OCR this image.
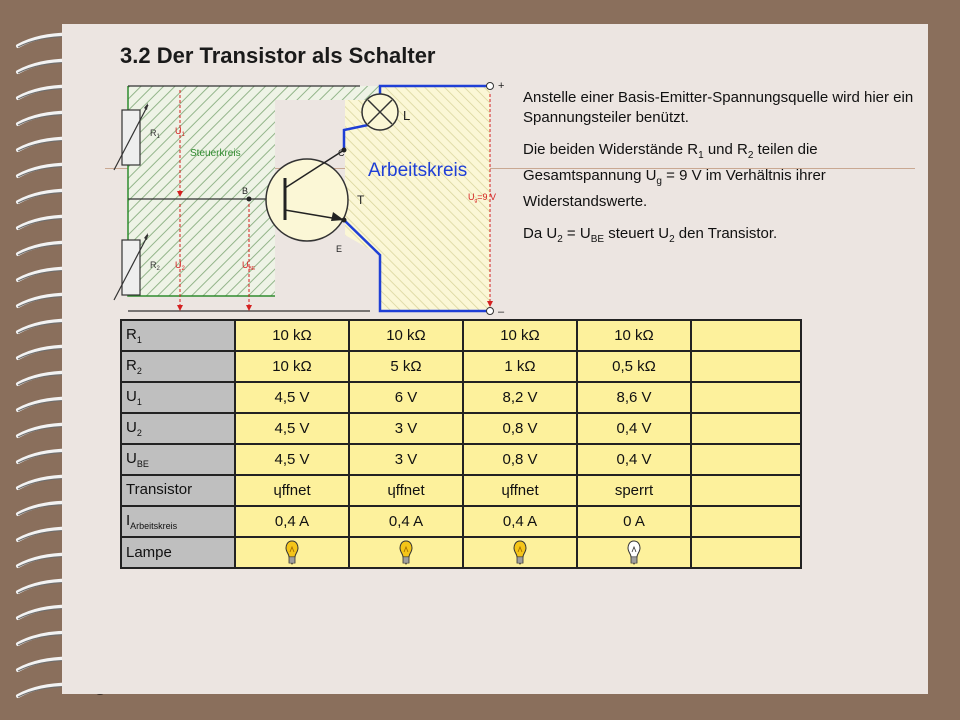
3.2 Der Transistor als Schalter
$R_1$
$R_2$
$U_1$
$U_2$	$U_{BE}$
Steuerkreis
Arbeitskreis
L
C
B
E
T	$U_g=9$ V
+
–

Anstelle einer Basis-Emitter-Spannungsquelle wird hier ein Spannungsteiler benützt.

Die beiden Widerstände $R_1$ und $R_2$ teilen die Gesamtspannung $U_g = 9$ V im Verhältnis ihrer Widerstandswerte.

Da $U_2 = U_{BE}$ steuert $U_2$ den Transistor.

$R_1$	10 kΩ	10 kΩ	10 kΩ	10 kΩ	
$R_2$	10 kΩ	5 kΩ	1 kΩ	0,5 kΩ	
$U_1$	4,5 V	6 V	8,2 V	8,6 V	
$U_2$	4,5 V	3 V	0,8 V	0,4 V	
$U_{BE}$	4,5 V	3 V	0,8 V	0,4 V	
Transistor	ɥffnet	ɥffnet	ɥffnet	sperrt	
$I_{Arbeitskreis}$	0,4 A	0,4 A	0,4 A	0 A	
Lampe					
